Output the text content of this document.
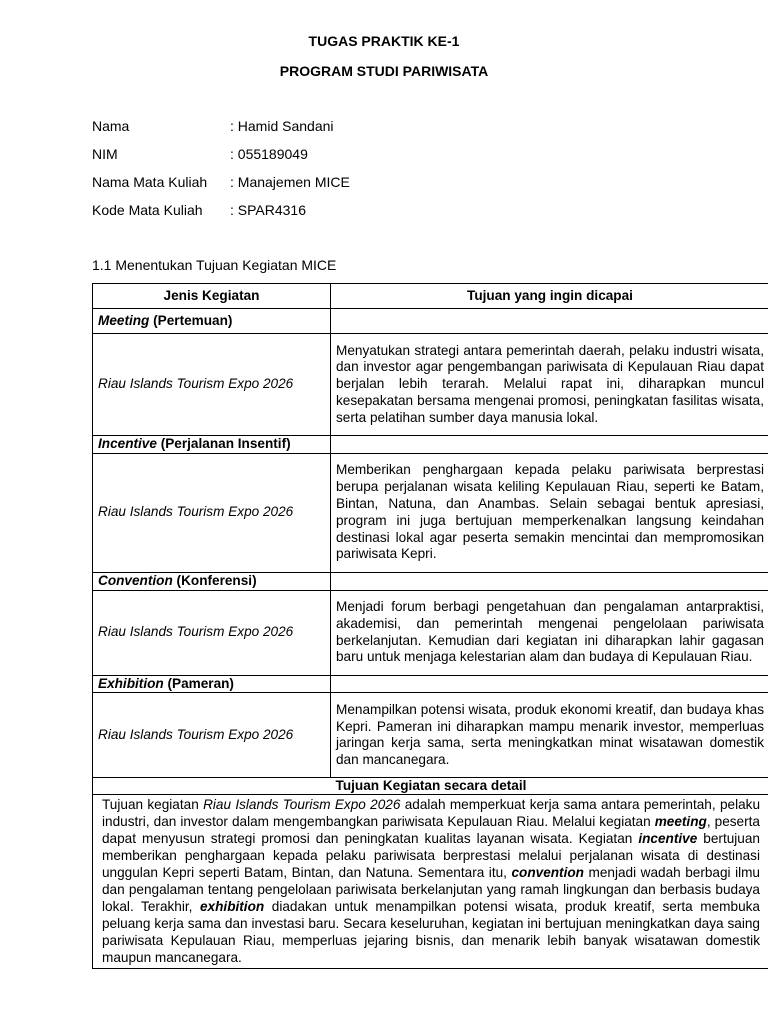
TUGAS PRAKTIK KE-1
PROGRAM STUDI PARIWISATA
Nama	: Hamid Sandani
NIM	: 055189049
Nama Mata Kuliah : Manajemen MICE
Kode Mata Kuliah : SPAR4316
1.1 Menentukan Tujuan Kegiatan MICE
Jenis Kegiatan	Tujuan yang ingin dicapai
Meeting (Pertemuan)	
Riau Islands Tourism Expo 2026	Menyatukan strategi antara pemerintah daerah, pelaku industri wisata, dan investor agar pengembangan pariwisata di Kepulauan Riau dapat berjalan lebih terarah. Melalui rapat ini, diharapkan muncul kesepakatan bersama mengenai promosi, peningkatan fasilitas wisata, serta pelatihan sumber daya manusia lokal.
Incentive (Perjalanan Insentif)	
Riau Islands Tourism Expo 2026	Memberikan penghargaan kepada pelaku pariwisata berprestasi berupa perjalanan wisata keliling Kepulauan Riau, seperti ke Batam, Bintan, Natuna, dan Anambas. Selain sebagai bentuk apresiasi, program ini juga bertujuan memperkenalkan langsung keindahan destinasi lokal agar peserta semakin mencintai dan mempromosikan pariwisata Kepri.
Convention (Konferensi)	
Riau Islands Tourism Expo 2026	Menjadi forum berbagi pengetahuan dan pengalaman antarpraktisi, akademisi, dan pemerintah mengenai pengelolaan pariwisata berkelanjutan. Kemudian dari kegiatan ini diharapkan lahir gagasan baru untuk menjaga kelestarian alam dan budaya di Kepulauan Riau.
Exhibition (Pameran)	
Riau Islands Tourism Expo 2026	Menampilkan potensi wisata, produk ekonomi kreatif, dan budaya khas Kepri. Pameran ini diharapkan mampu menarik investor, memperluas jaringan kerja sama, serta meningkatkan minat wisatawan domestik dan mancanegara.
Tujuan Kegiatan secara detail	
Tujuan kegiatan Riau Islands Tourism Expo 2026 adalah memperkuat kerja sama antara pemerintah, pelaku industri, dan investor dalam mengembangkan pariwisata Kepulauan Riau. Melalui kegiatan meeting, peserta dapat menyusun strategi promosi dan peningkatan kualitas layanan wisata. Kegiatan incentive bertujuan memberikan penghargaan kepada pelaku pariwisata berprestasi melalui perjalanan wisata di destinasi unggulan Kepri seperti Batam, Bintan, dan Natuna. Sementara itu, convention menjadi wadah berbagi ilmu dan pengalaman tentang pengelolaan pariwisata berkelanjutan yang ramah lingkungan dan berbasis budaya lokal. Terakhir, exhibition diadakan untuk menampilkan potensi wisata, produk kreatif, serta membuka peluang kerja sama dan investasi baru. Secara keseluruhan, kegiatan ini bertujuan meningkatkan daya saing pariwisata Kepulauan Riau, memperluas jejaring bisnis, dan menarik lebih banyak wisatawan domestik maupun mancanegara.	
